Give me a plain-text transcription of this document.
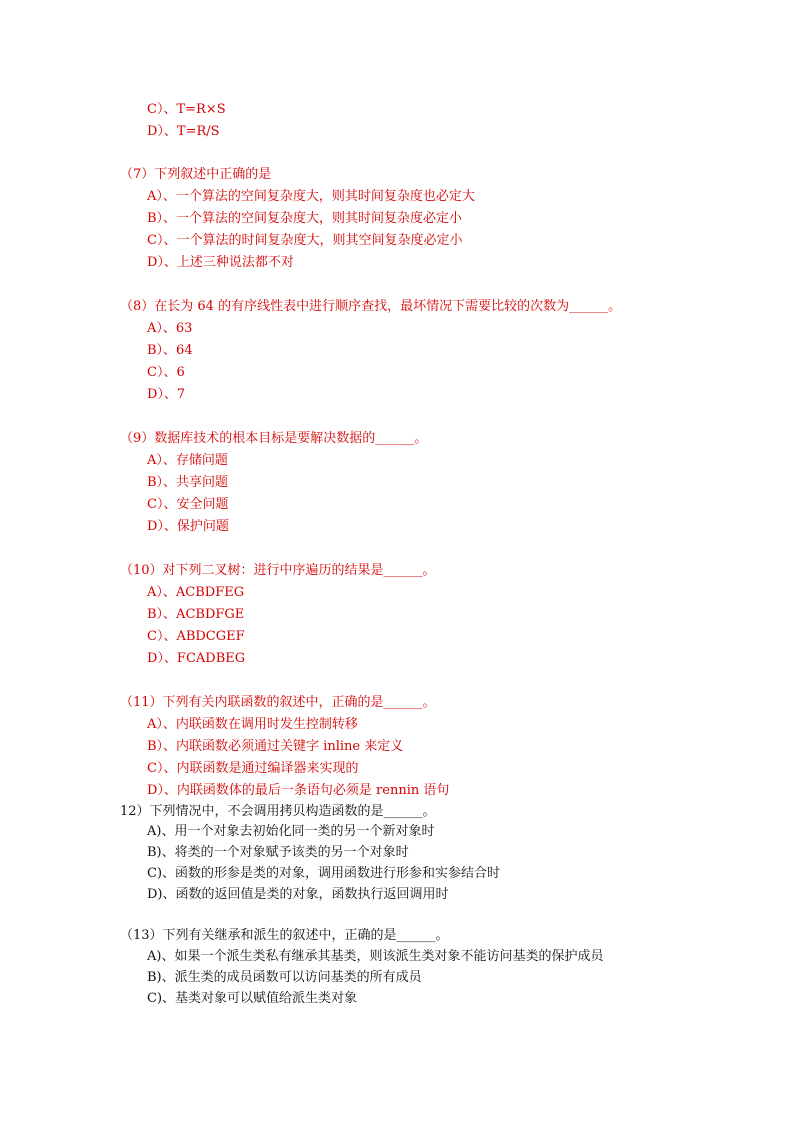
C）、T=R×S
D）、T=R/S
（7）下列叙述中正确的是
A）、一个算法的空间复杂度大，则其时间复杂度也必定大
B）、一个算法的空间复杂度大，则其时间复杂度必定小
C）、一个算法的时间复杂度大，则其空间复杂度必定小
D）、上述三种说法都不对
（8）在长为 64 的有序线性表中进行顺序查找，最坏情况下需要比较的次数为______。
A）、63
B）、64
C）、6
D）、7
（9）数据库技术的根本目标是要解决数据的______。
A）、存储问题
B）、共享问题
C）、安全问题
D）、保护问题
（10）对下列二叉树：进行中序遍历的结果是______。
A）、ACBDFEG
B）、ACBDFGE
C）、ABDCGEF
D）、FCADBEG
（11）下列有关内联函数的叙述中，正确的是______。
A）、内联函数在调用时发生控制转移
B）、内联函数必须通过关键字 inline 来定义
C）、内联函数是通过编译器来实现的
D）、内联函数体的最后一条语句必须是 rennin 语句
12）下列情况中，不会调用拷贝构造函数的是______。
A)、用一个对象去初始化同一类的另一个新对象时
B)、将类的一个对象赋予该类的另一个对象时
C)、函数的形参是类的对象，调用函数进行形参和实参结合时
D)、函数的返回值是类的对象，函数执行返回调用时
（13）下列有关继承和派生的叙述中，正确的是______。
A)、如果一个派生类私有继承其基类，则该派生类对象不能访问基类的保护成员
B)、派生类的成员函数可以访问基类的所有成员
C)、基类对象可以赋值给派生类对象
